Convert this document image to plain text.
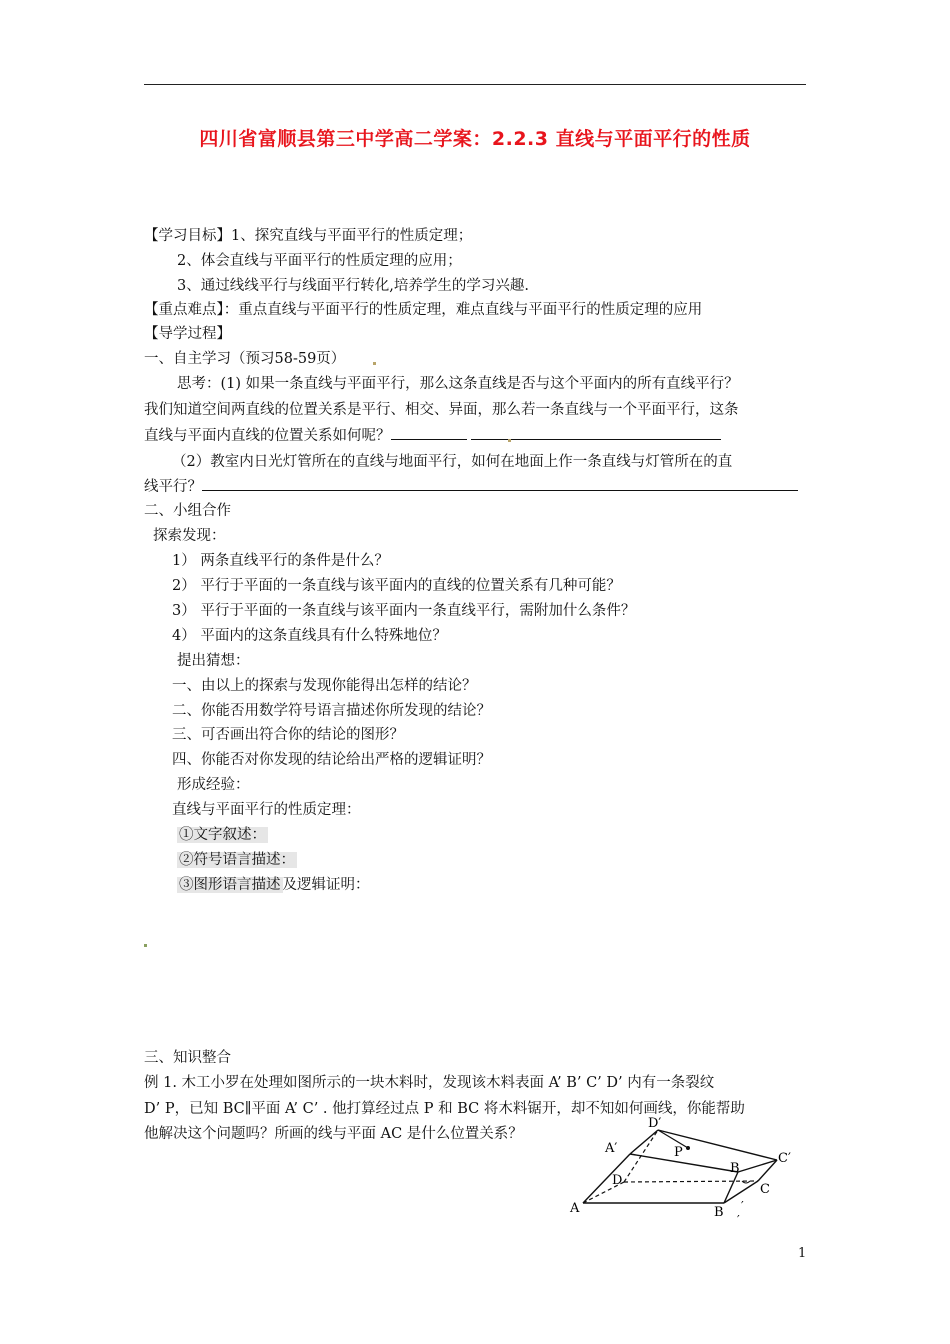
四川省富顺县第三中学高二学案：2.2.3 直线与平面平行的性质
【学习目标】1、探究直线与平面平行的性质定理；
2、体会直线与平面平行的性质定理的应用；
3、通过线线平行与线面平行转化,培养学生的学习兴趣.
【重点难点】：重点直线与平面平行的性质定理，难点直线与平面平行的性质定理的应用
【导学过程】
一、自主学习（预习58-59页）
思考：(1) 如果一条直线与平面平行，那么这条直线是否与这个平面内的所有直线平行？
我们知道空间两直线的位置关系是平行、相交、异面，那么若一条直线与一个平面平行，这条
直线与平面内直线的位置关系如何呢？
（2）教室内日光灯管所在的直线与地面平行，如何在地面上作一条直线与灯管所在的直
线平行？
二、小组合作
探索发现：
1） 两条直线平行的条件是什么？
2） 平行于平面的一条直线与该平面内的直线的位置关系有几种可能？
3） 平行于平面的一条直线与该平面内一条直线平行，需附加什么条件？
4） 平面内的这条直线具有什么特殊地位？
提出猜想：
一、由以上的探索与发现你能得出怎样的结论？
二、你能否用数学符号语言描述你所发现的结论？
三、可否画出符合你的结论的图形？
四、你能否对你发现的结论给出严格的逻辑证明？
形成经验：
直线与平面平行的性质定理：
①文字叙述：
②符号语言描述：
③图形语言描述 及逻辑证明：
三、知识整合
例 1. 木工小罗在处理如图所示的一块木料时，发现该木料表面 A’ B’ C’ D’ 内有一条裂纹
D’ P，已知 BC∥平面 A’ C’ . 他打算经过点 P 和 BC 将木料锯开，却不知如何画线，你能帮助
他解决这个问题吗？所画的线与平面 AC 是什么位置关系？
A	B
C
D
A′
B
C′
D′
P
′
′
1
